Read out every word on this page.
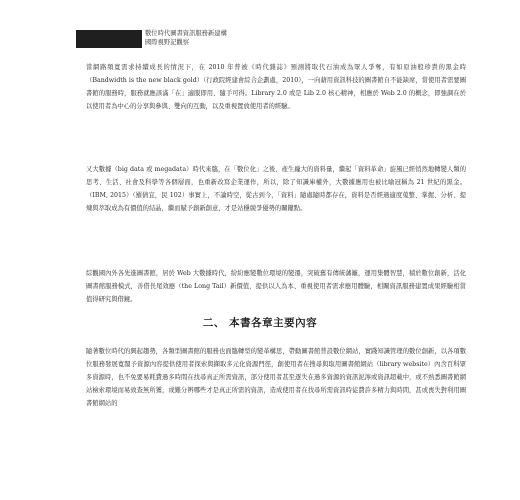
數位時代圖書資訊服務新建構
國際視野記觀察

當網路頻寬需求持續成長的情況下，在 2010 年普被《時代雜誌》預測將取代石油成為眾人爭奪，有如原油般珍貴的黑金時（Bandwidth is the new black gold）（行政院經建會綜合企劃處，2010），一向藉用資訊科技的圖書館自不能缺席，當使用者需要圖書館的服務時，服務就應該滿「在」適服即用、隨手可得。Library 2.0 或是 Lib 2.0 核心精神，相應於 Web 2.0 的概念，即強調在於以使用者為中心的分享與參與、雙向的互動，以及重視置放使用者的經驗。

又大數據（big data 或 megadata）時代來臨，在「數位化」之後，產生龐大的資料量，繼起「資料革命」旋風已經悄然地轉變人類的思考、生活、社會及科學等各個層面，也重新改寫企業運作，所以，除了知識庫權外，大數據應用也被比喻冠稱為 21 世紀的黑金。（IBM, 2015）（羅倩宜，民 102）事實上，不論時空，從古到今，「資料」隨處隨時都存在，資料是否經過適度蒐整、掌握、分析、提煉與萃取成為有價值的結晶，繼而賦予創新創意，才是站穩競爭優勢的關鍵點。

綜觀國內外各先進圖書館，居於 Web 大數據時代，紛紛應變數位環境的變遷，突破舊有傳統藩籬，運用集體智慧，積於數位創新，活化圖書館服務模式，善借長尾效應（the Long Tail）新價值，提供以人為本、重視使用者需求應用體驗，相關資訊服務建置成果經驗相當值得研究與借鏡。

二、 本書各章主要內容

隨著數位時代的興起趨勢，各類型圖書館的服務也面臨轉型的變革構思，帶動圖書館普設數位網站，實踐知識管理的數位創新，以各項數位服務發展寬闊予資源內容提供使用者探索與擷取多元化資源門徑，創使用者在搜尋與取用圖書館網站（library website）內含百科眾多資源時，也不免要易耗費過多時間在找尋真正所需資訊，部分使用者甚至逐失在過多資源的資訊泥濘或資訊超載中，或不熟悉圖書館網站檢索環境而易致查無所獲，或難分辨哪些才是真正所需的資訊，造成使用者在找尋所需資訊時徒費許多精力與時間，甚或喪失對利用圖書館網站的
